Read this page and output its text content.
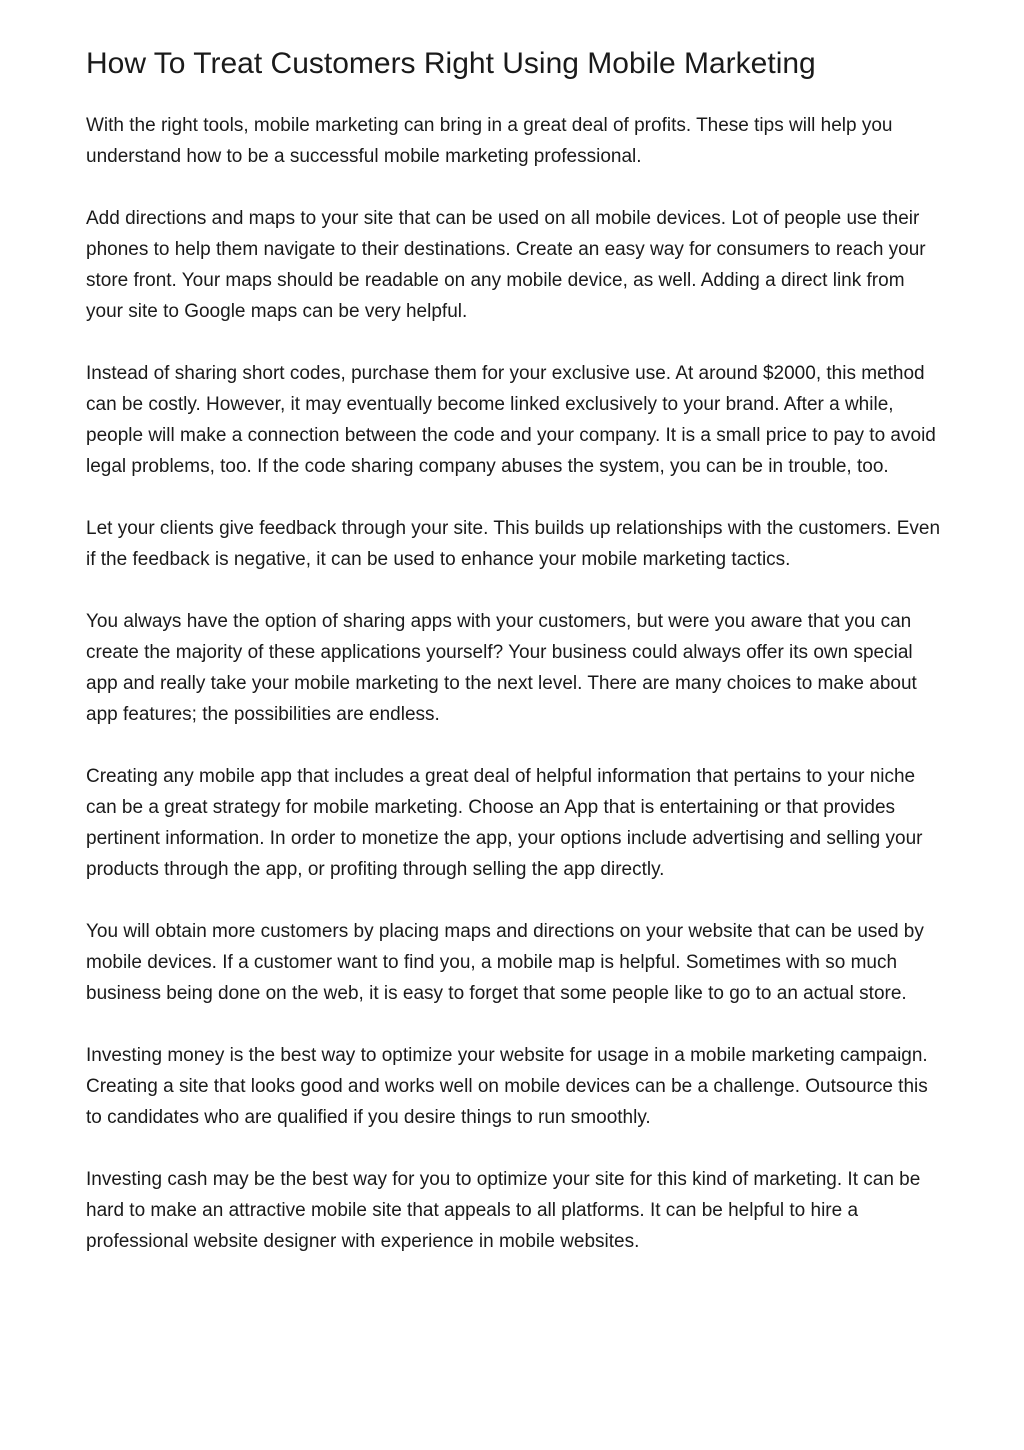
How To Treat Customers Right Using Mobile Marketing

With the right tools, mobile marketing can bring in a great deal of profits. These tips will help you understand how to be a successful mobile marketing professional.

Add directions and maps to your site that can be used on all mobile devices. Lot of people use their phones to help them navigate to their destinations. Create an easy way for consumers to reach your store front. Your maps should be readable on any mobile device, as well. Adding a direct link from your site to Google maps can be very helpful.

Instead of sharing short codes, purchase them for your exclusive use. At around $2000, this method can be costly. However, it may eventually become linked exclusively to your brand. After a while, people will make a connection between the code and your company. It is a small price to pay to avoid legal problems, too. If the code sharing company abuses the system, you can be in trouble, too.

Let your clients give feedback through your site. This builds up relationships with the customers. Even if the feedback is negative, it can be used to enhance your mobile marketing tactics.

You always have the option of sharing apps with your customers, but were you aware that you can create the majority of these applications yourself? Your business could always offer its own special app and really take your mobile marketing to the next level. There are many choices to make about app features; the possibilities are endless.

Creating any mobile app that includes a great deal of helpful information that pertains to your niche can be a great strategy for mobile marketing. Choose an App that is entertaining or that provides pertinent information. In order to monetize the app, your options include advertising and selling your products through the app, or profiting through selling the app directly.

You will obtain more customers by placing maps and directions on your website that can be used by mobile devices. If a customer want to find you, a mobile map is helpful. Sometimes with so much business being done on the web, it is easy to forget that some people like to go to an actual store.

Investing money is the best way to optimize your website for usage in a mobile marketing campaign. Creating a site that looks good and works well on mobile devices can be a challenge. Outsource this to candidates who are qualified if you desire things to run smoothly.

Investing cash may be the best way for you to optimize your site for this kind of marketing. It can be hard to make an attractive mobile site that appeals to all platforms. It can be helpful to hire a professional website designer with experience in mobile websites.
